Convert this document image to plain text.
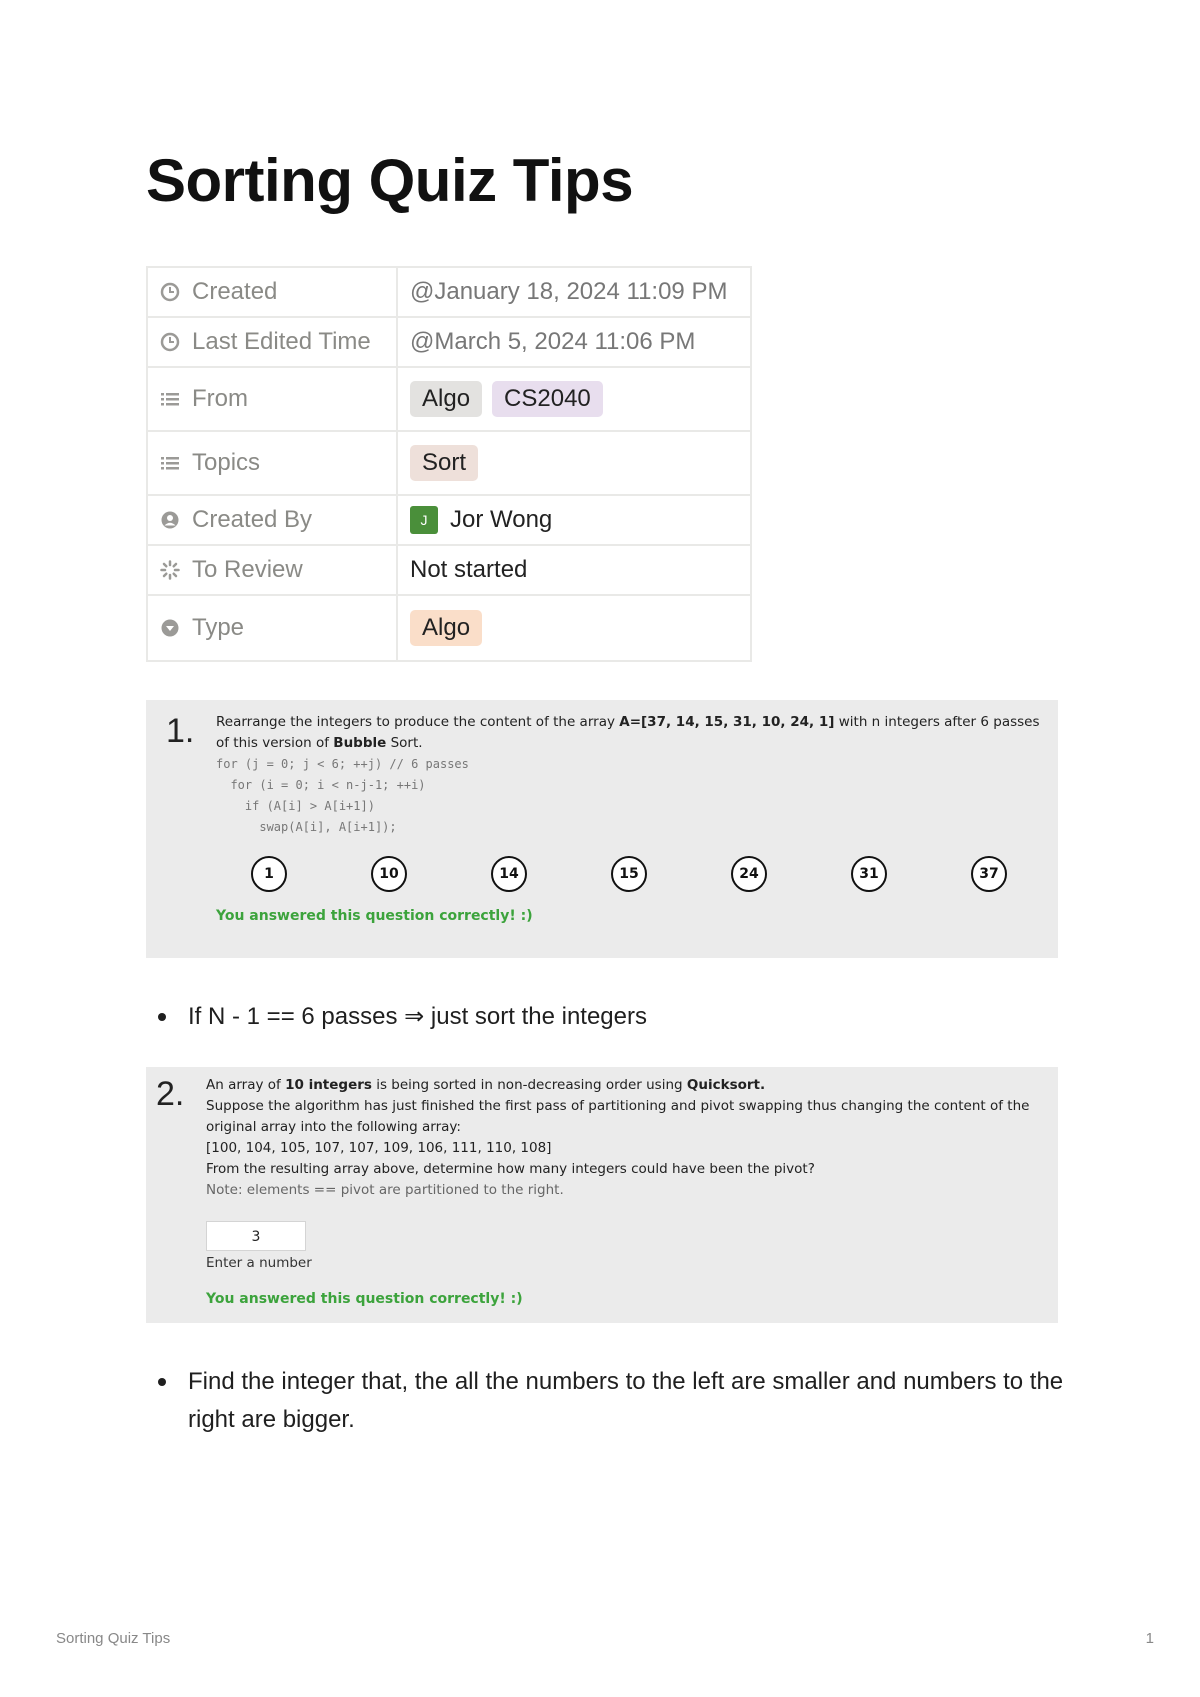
Sorting Quiz Tips
Created	@January 18, 2024 11:09 PM
Last Edited Time	@March 5, 2024 11:06 PM
From	Algo CS2040
Topics	Sort
Created By	J Jor Wong
To Review	Not started
Type	Algo
1. Rearrange the integers to produce the content of the array A=[37, 14, 15, 31, 10, 24, 1] with n integers after 6 passes of this version of Bubble Sort.
for (j = 0; j < 6; ++j) // 6 passes
for (i = 0; i < n-j-1; ++i)
if (A[i] > A[i+1])
swap(A[i], A[i+1]);
1	10	14	15	24	31	37
You answered this question correctly! :)
If N - 1 == 6 passes ⇒ just sort the integers
2. An array of 10 integers is being sorted in non-decreasing order using Quicksort.
Suppose the algorithm has just finished the first pass of partitioning and pivot swapping thus changing the content of the original array into the following array:
[100, 104, 105, 107, 107, 109, 106, 111, 110, 108]
From the resulting array above, determine how many integers could have been the pivot?
Note: elements == pivot are partitioned to the right.
3
Enter a number
You answered this question correctly! :)
Find the integer that, the all the numbers to the left are smaller and numbers to the right are bigger.
Sorting Quiz Tips	1
